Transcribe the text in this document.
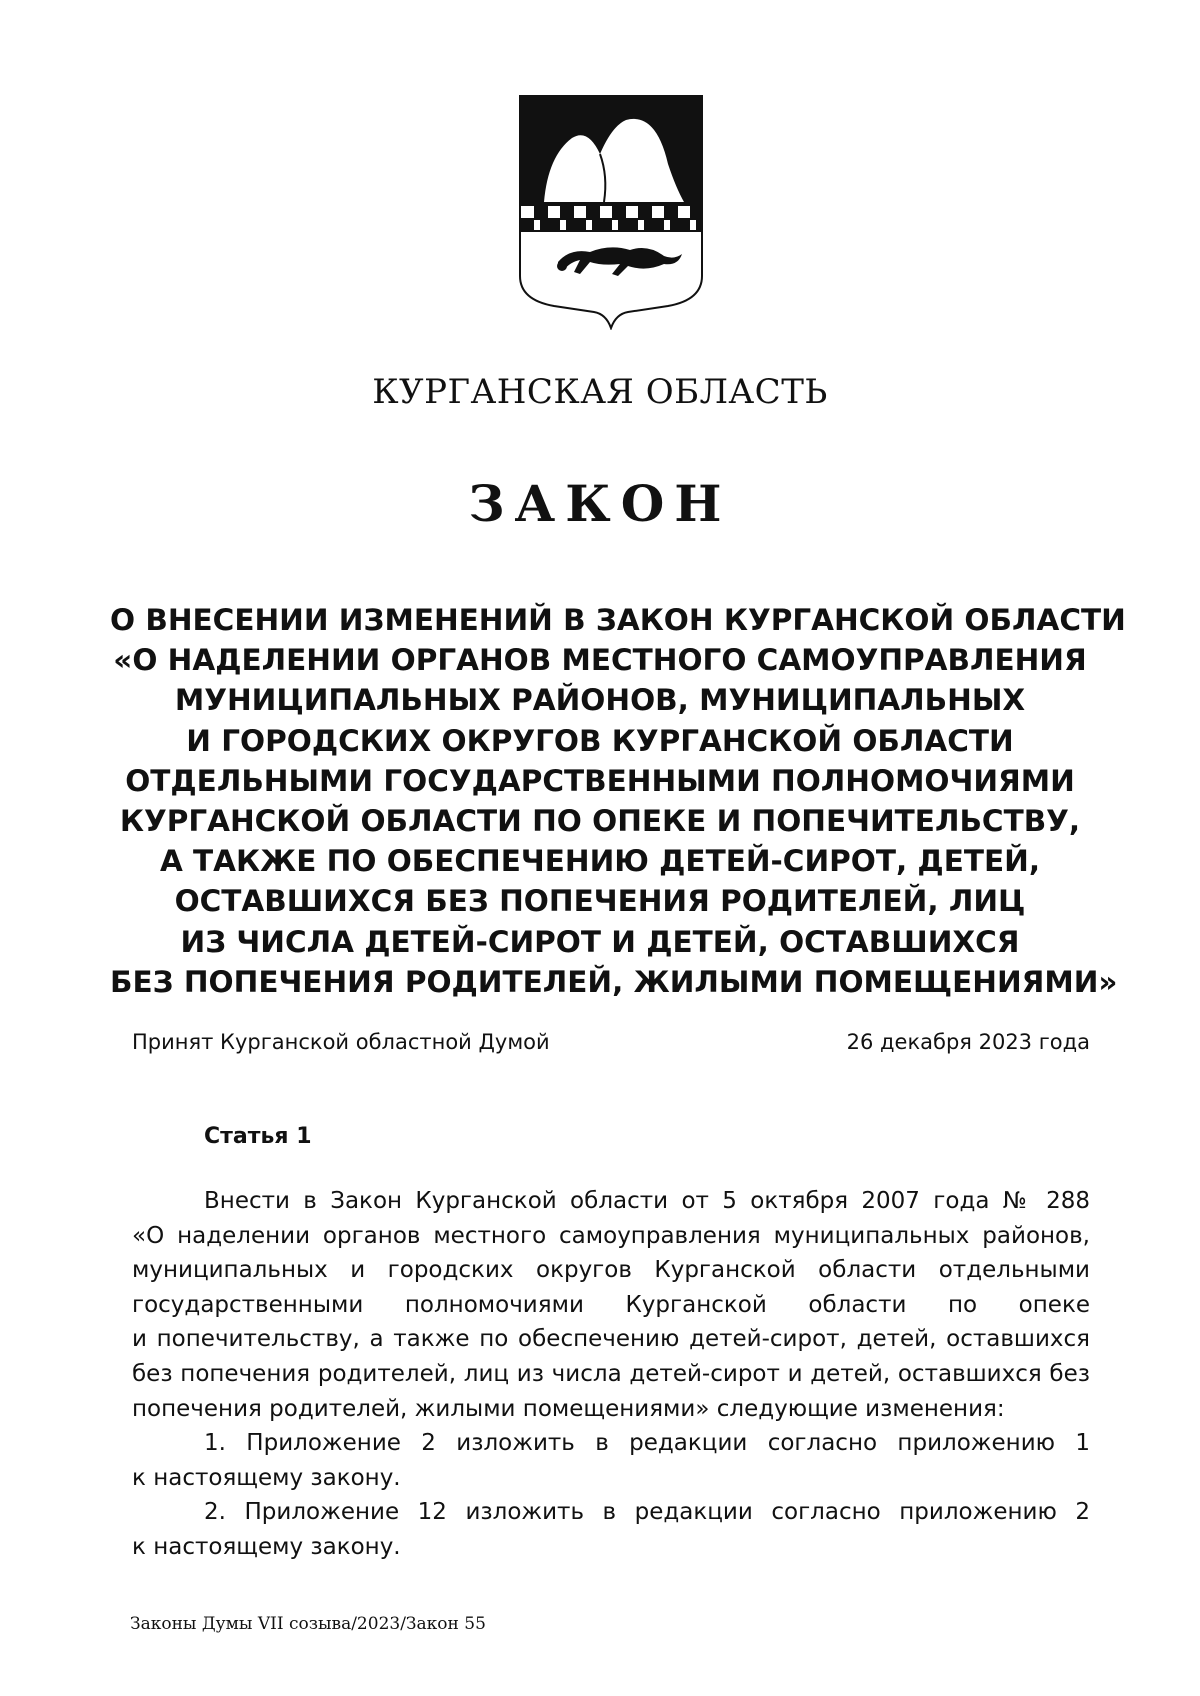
КУРГАНСКАЯ ОБЛАСТЬ
ЗАКОН
О ВНЕСЕНИИ ИЗМЕНЕНИЙ В ЗАКОН КУРГАНСКОЙ ОБЛАСТИ
«О НАДЕЛЕНИИ ОРГАНОВ МЕСТНОГО САМОУПРАВЛЕНИЯ
МУНИЦИПАЛЬНЫХ РАЙОНОВ, МУНИЦИПАЛЬНЫХ
И ГОРОДСКИХ ОКРУГОВ КУРГАНСКОЙ ОБЛАСТИ
ОТДЕЛЬНЫМИ ГОСУДАРСТВЕННЫМИ ПОЛНОМОЧИЯМИ
КУРГАНСКОЙ ОБЛАСТИ ПО ОПЕКЕ И ПОПЕЧИТЕЛЬСТВУ,
А ТАКЖЕ ПО ОБЕСПЕЧЕНИЮ ДЕТЕЙ-СИРОТ, ДЕТЕЙ,
ОСТАВШИХСЯ БЕЗ ПОПЕЧЕНИЯ РОДИТЕЛЕЙ, ЛИЦ
ИЗ ЧИСЛА ДЕТЕЙ-СИРОТ И ДЕТЕЙ, ОСТАВШИХСЯ
БЕЗ ПОПЕЧЕНИЯ РОДИТЕЛЕЙ, ЖИЛЫМИ ПОМЕЩЕНИЯМИ»
Принят Курганской областной Думой	26 декабря 2023 года
Статья 1

Внести в Закон Курганской области от 5 октября 2007 года № 288
«О наделении органов местного самоуправления муниципальных районов,
муниципальных и городских округов Курганской области отдельными
государственными полномочиями Курганской области по опеке
и попечительству, а также по обеспечению детей-сирот, детей, оставшихся
без попечения родителей, лиц из числа детей-сирот и детей, оставшихся без
попечения родителей, жилыми помещениями» следующие изменения:

1. Приложение 2 изложить в редакции согласно приложению 1
к настоящему закону.

2. Приложение 12 изложить в редакции согласно приложению 2
к настоящему закону.

Законы Думы VII созыва/2023/Закон 55
